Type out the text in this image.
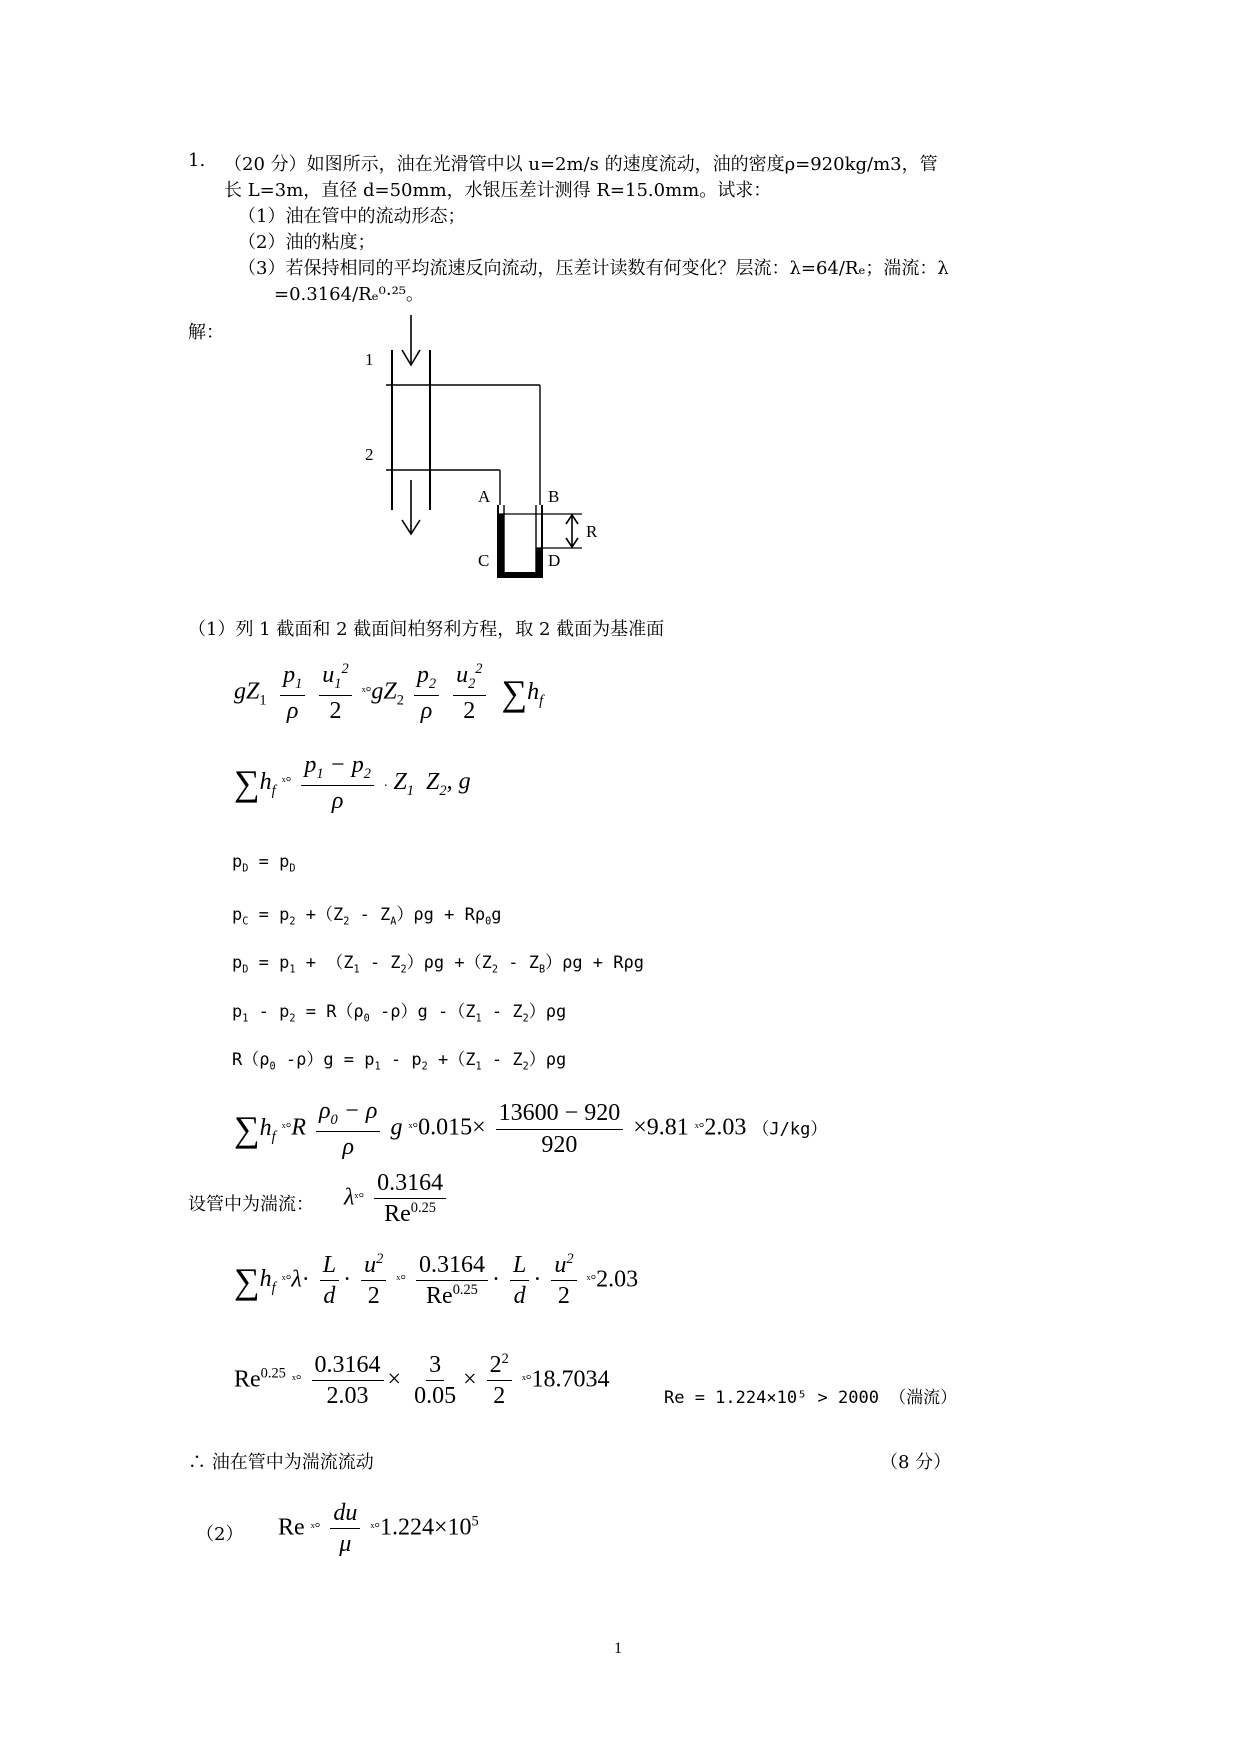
1. （20 分）如图所示，油在光滑管中以 u=2m/s 的速度流动，油的密度ρ=920kg/m3，管
长 L=3m，直径 d=50mm，水银压差计测得 R=15.0mm。试求：
（1）油在管中的流动形态；
（2）油的粘度；
（3）若保持相同的平均流速反向流动，压差计读数有何变化？层流：λ=64/Rₑ；湍流：λ
=0.3164/Rₑ⁰·²⁵。
解：
1
2
A	B
C	D
R
（1）列 1 截面和 2 截面间柏努利方程，取 2 截面为基准面
$gZ_1 \frac{p_1}{\rho}$
$\frac{u_1^2}{2}$ $ˣ^\circ gZ_2 \frac{p_2}{\rho}$
$\frac{u_2^2}{2} \sum h_f$
$\sum h_f$ ˣ° $\frac{p_1 - p_2}{\rho}$ . $Z_1$ $Z_2$, g
$p_D = p_D$
$p_C = p_2 +(Z_2 - Z_A)\rho g + R\rho_0g$
$p_D = p_1 + (Z_1 - Z_2)\rho g +(Z_2 - Z_B)\rho g + R\rho g$
$p_1 - p_2 = R(\rho_0$ -ρ）g $-(Z_1 - Z_2)\rho g$
$R(\rho_0$ $-\rho)g = p_1 - p_2 +(Z_1 - Z_2)\rho g$
$\sum h_f$ ˣ°R $\frac{\rho_0 - \rho}{\rho}$ g ˣ°0.015× $\frac{13600 - 920}{920} \times 9.81$ ˣ°2.03 （J/kg）
设管中为湍流： λˣ° $\frac{0.3164}{Re^{0.25}}$
$\sum h_f$ ˣ°λ· $\frac{L}{d} \cdot \frac{u^2}{2}$ ˣ° $\frac{0.3164}{Re^{0.25}} \cdot \frac{L}{d} \cdot \frac{u^2}{2}$ ˣ°2.03
$Re^{0.25}$ ˣ° $\frac{0.3164}{2.03} \times \frac{3}{0.05} \times \frac{2^2}{2}$ ˣ°18.7034
Re = 1.224×10⁵ > 2000 （湍流）
∴ 油在管中为湍流流动	（8 分）
（2） Re ˣ° $\frac{du}{\mu}$ $ˣ^\circ 1.224\times 10^5$
1
